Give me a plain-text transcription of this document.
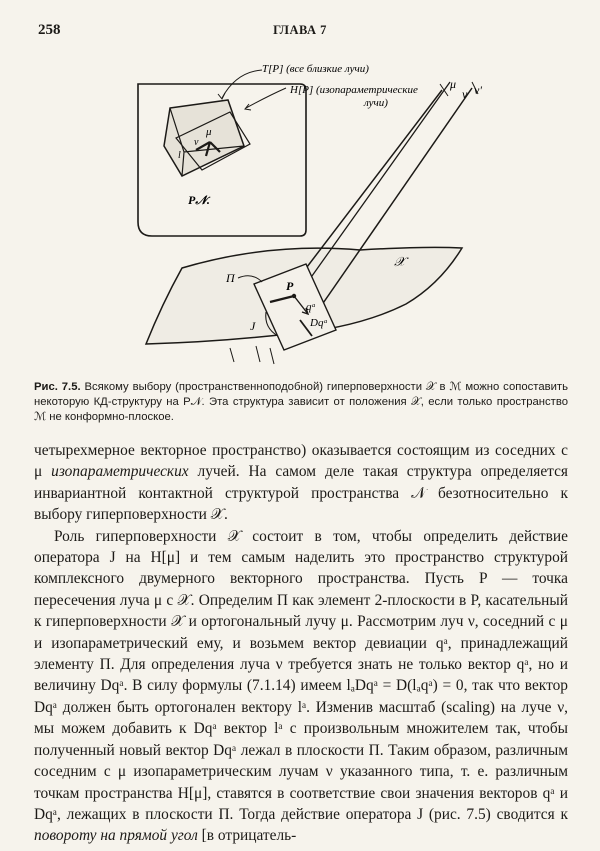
258	ГЛАВА 7
μ
ν
l
T[P] (все близкие лучи)
H[P] (изопараметрические
лучи)
P𝒩.
𝒳
μ
ν ν'
П
P
J
qᵃ
Dqᵃ
Рис. 7.5. Всякому выбору (пространственноподобной) гиперповерхности 𝒳 в ℳ можно сопоставить некоторую КД-структуру на P𝒩. Эта структура зависит от положения 𝒳, если только пространство ℳ не конформно-плоское.

четырехмерное векторное пространство) оказывается состоящим из соседних с μ изопараметрических лучей. На самом деле такая структура определяется инвариантной контактной структурой пространства 𝒩 безотносительно к выбору гиперповерхности 𝒳.

Роль гиперповерхности 𝒳 состоит в том, чтобы определить действие оператора J на H[μ] и тем самым наделить это пространство структурой комплексного двумерного векторного пространства. Пусть P — точка пересечения луча μ с 𝒳. Определим П как элемент 2-плоскости в P, касательный к гиперповерхности 𝒳 и ортогональный лучу μ. Рассмотрим луч ν, соседний с μ и изопараметрический ему, и возьмем вектор девиации qᵃ, принадлежащий элементу П. Для определения луча ν требуется знать не только вектор qᵃ, но и величину Dqᵃ. В силу формулы (7.1.14) имеем lₐDqᵃ = D(lₐqᵃ) = 0, так что вектор Dqᵃ должен быть ортогонален вектору lᵃ. Изменив масштаб (scaling) на луче ν, мы можем добавить к Dqᵃ вектор lᵃ с произвольным множителем так, чтобы полученный новый вектор Dqᵃ лежал в плоскости П. Таким образом, различным соседним с μ изопараметрическим лучам ν указанного типа, т. е. различным точкам пространства H[μ], ставятся в соответствие свои значения векторов qᵃ и Dqᵃ, лежащих в плоскости П. Тогда действие оператора J (рис. 7.5) сводится к повороту на прямой угол [в отрицатель-
